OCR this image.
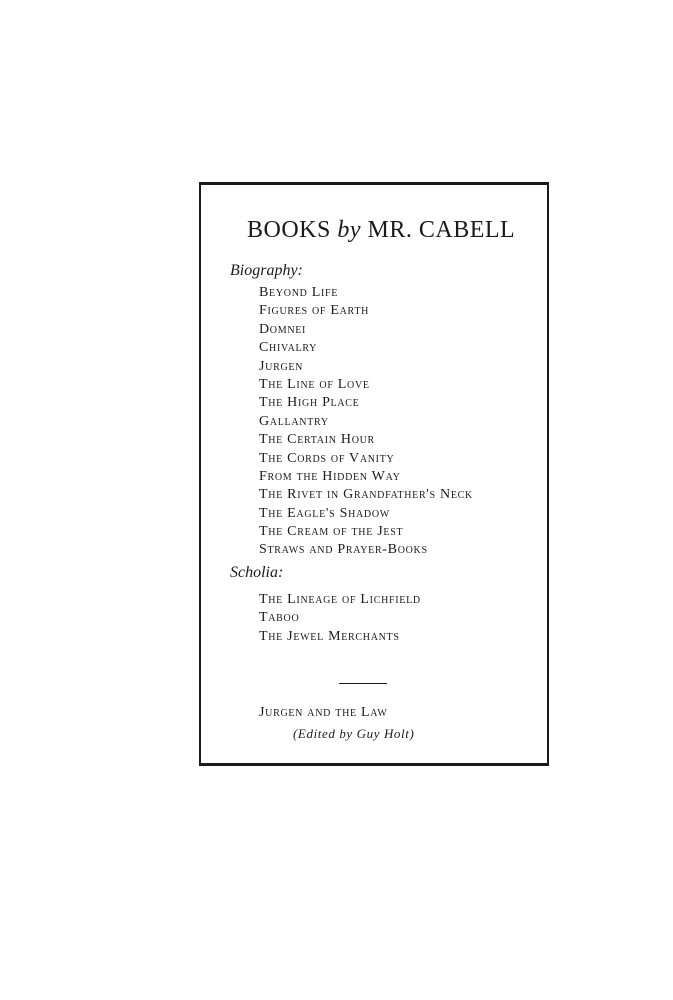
BOOKS by MR. CABELL

Biography:

Beyond Life
Figures of Earth
Domnei
Chivalry
Jurgen
The Line of Love
The High Place
Gallantry
The Certain Hour
The Cords of Vanity
From the Hidden Way
The Rivet in Grandfather's Neck
The Eagle's Shadow
The Cream of the Jest
Straws and Prayer-Books

Scholia:

The Lineage of Lichfield
Taboo
The Jewel Merchants
Jurgen and the Law
(Edited by Guy Holt)
